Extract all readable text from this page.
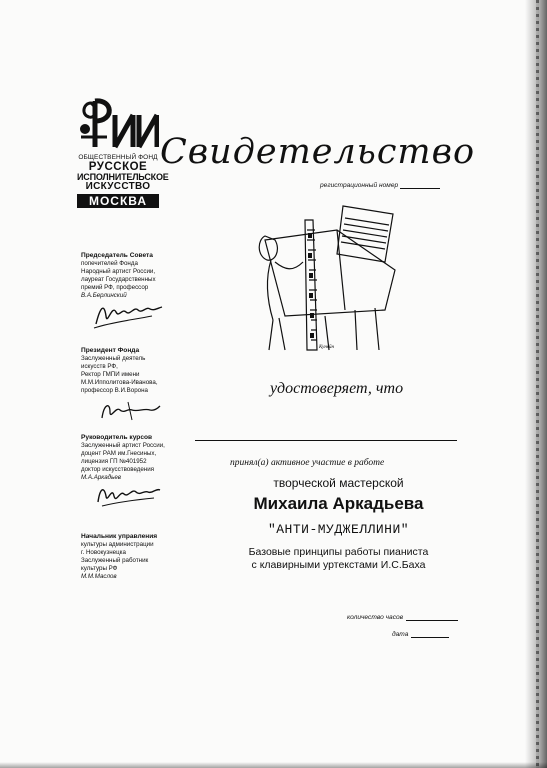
ОБЩЕСТВЕННЫЙ ФОНД
РУССКОЕ
ИСПОЛНИТЕЛЬСКОЕ
ИСКУССТВО
МОСКВА
Председатель Совета
попечителей Фонда
Народный артист России,
лауреат Государственных
премий РФ, профессор
В.А.Берлинский
Президент Фонда
Заслуженный деятель
искусств РФ,
Ректор ГМПИ имени
М.М.Ипполитова-Иванова,
профессор В.И.Ворона
Руководитель курсов
Заслуженный артист России,
доцент РАМ им.Гнесиных,
лицензия ГП №401952
доктор искусствоведения
М.А.Аркадьев
Начальник управления
культуры администрации
г. Новокузнецка
Заслуженный работник
культуры РФ
М.М.Маслов
Свидетельство
регистрационный номер
Кунейн
удостоверяет, что
принял(а) активное участие в работе
творческой мастерской
Михаила Аркадьева
"АНТИ-МУДЖЕЛЛИНИ"
Базовые принципы работы пианиста
с клавирными уртекстами И.С.Баха
количество часов
дата
